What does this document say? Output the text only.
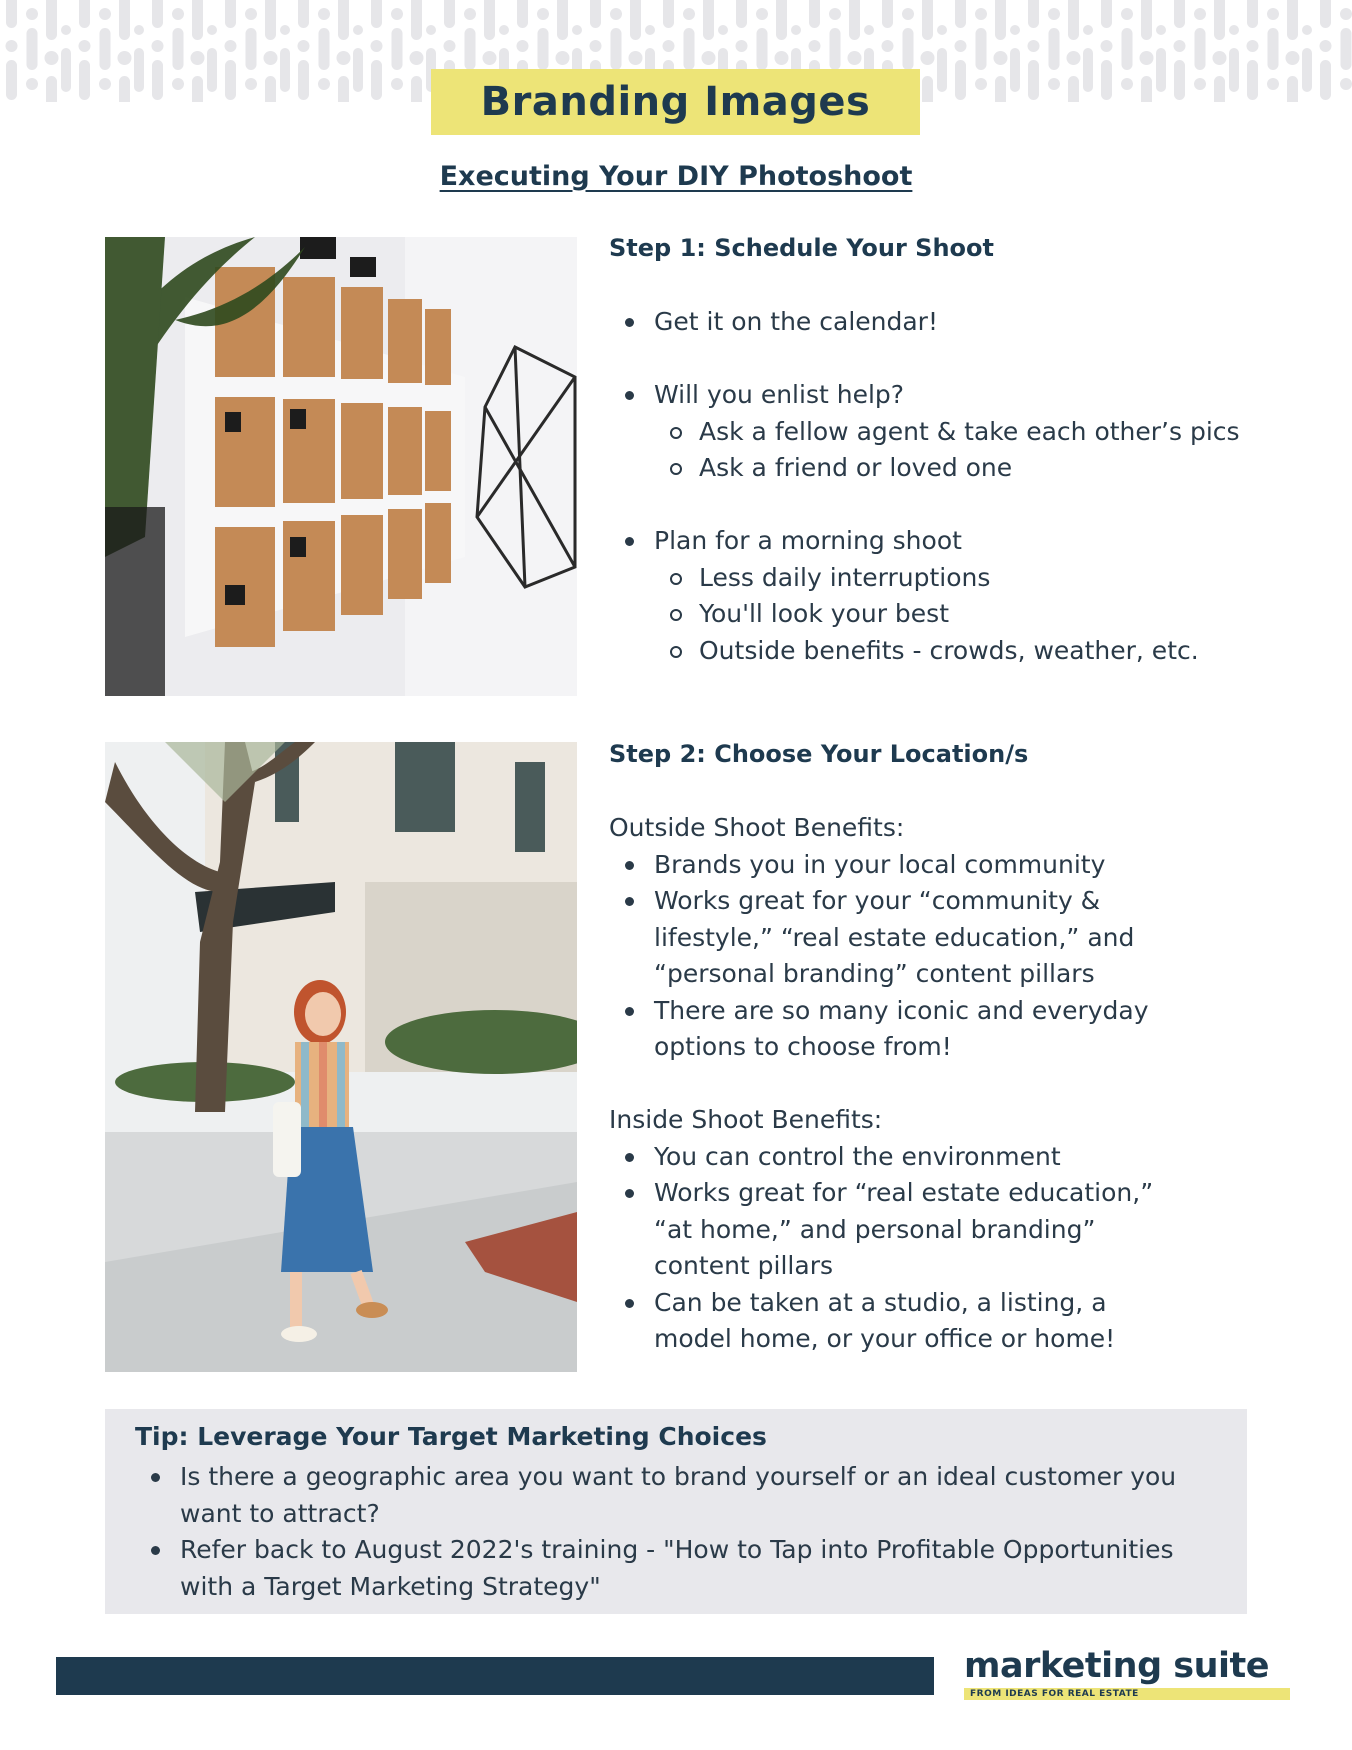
Branding Images
Executing Your DIY Photoshoot
Step 1: Schedule Your Shoot
Get it on the calendar!
Will you enlist help?
Ask a fellow agent & take each other’s pics
Ask a friend or loved one
Plan for a morning shoot
Less daily interruptions
You'll look your best
Outside benefits - crowds, weather, etc.
Step 2: Choose Your Location/s
Outside Shoot Benefits:
Brands you in your local community
Works great for your “community & lifestyle,” “real estate education,” and “personal branding” content pillars
There are so many iconic and everyday options to choose from!
Inside Shoot Benefits:
You can control the environment
Works great for “real estate education,” “at home,” and personal branding” content pillars
Can be taken at a studio, a listing, a model home, or your office or home!
Tip: Leverage Your Target Marketing Choices
Is there a geographic area you want to brand yourself or an ideal customer you want to attract?
Refer back to August 2022's training - "How to Tap into Profitable Opportunities with a Target Marketing Strategy"
marketing suite
FROM IDEAS FOR REAL ESTATE
